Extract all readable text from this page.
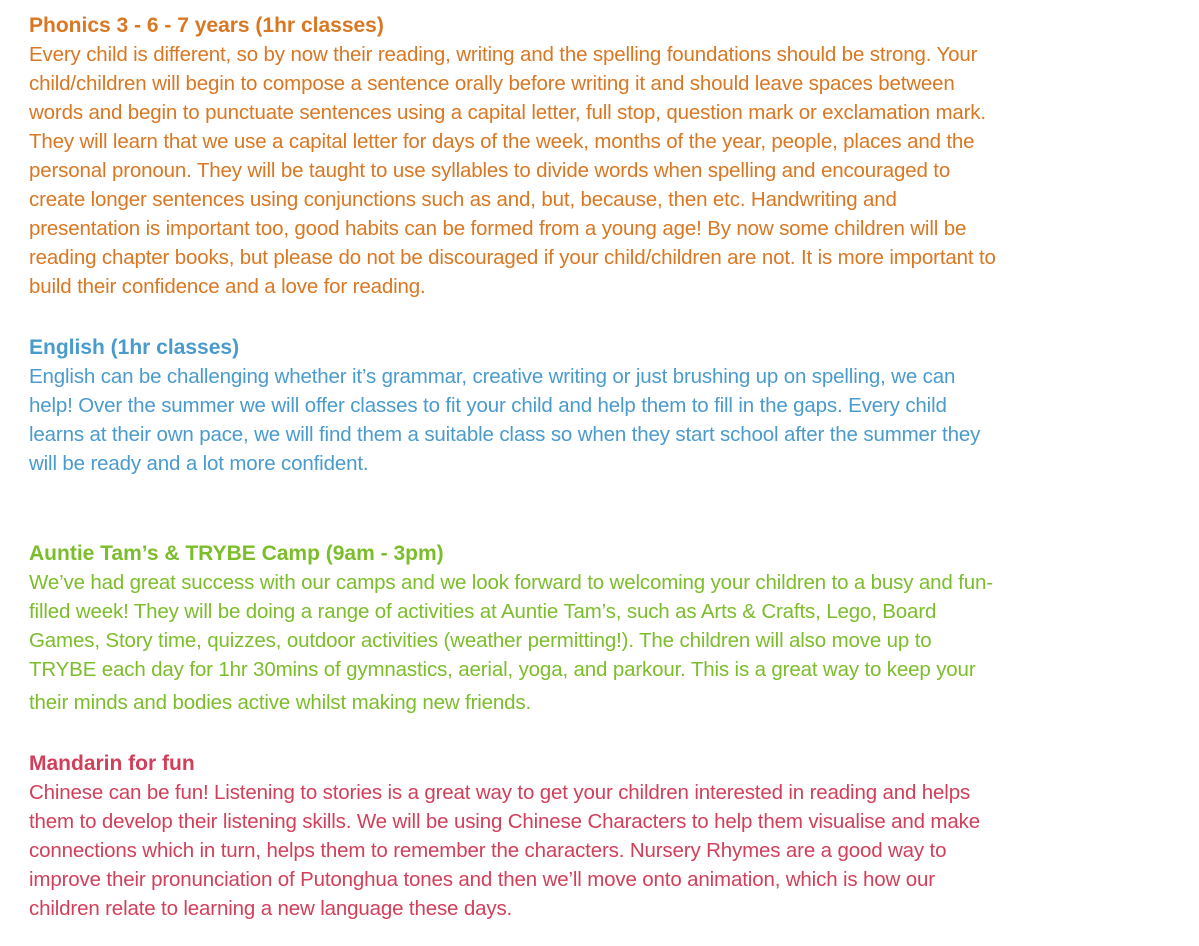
Phonics 3 - 6 - 7 years (1hr classes)

Every child is different, so by now their reading, writing and the spelling foundations should be strong. Your

child/children will begin to compose a sentence orally before writing it and should leave spaces between

words and begin to punctuate sentences using a capital letter, full stop, question mark or exclamation mark.

They will learn that we use a capital letter for days of the week, months of the year, people, places and the

personal pronoun. They will be taught to use syllables to divide words when spelling and encouraged to

create longer sentences using conjunctions such as and, but, because, then etc. Handwriting and

presentation is important too, good habits can be formed from a young age! By now some children will be

reading chapter books, but please do not be discouraged if your child/children are not. It is more important to

build their confidence and a love for reading.

English (1hr classes)

English can be challenging whether it’s grammar, creative writing or just brushing up on spelling, we can

help! Over the summer we will offer classes to fit your child and help them to fill in the gaps. Every child

learns at their own pace, we will find them a suitable class so when they start school after the summer they

will be ready and a lot more confident.

Auntie Tam’s & TRYBE Camp (9am - 3pm)

We’ve had great success with our camps and we look forward to welcoming your children to a busy and fun-

filled week! They will be doing a range of activities at Auntie Tam’s, such as Arts & Crafts, Lego, Board

Games, Story time, quizzes, outdoor activities (weather permitting!). The children will also move up to

TRYBE each day for 1hr 30mins of gymnastics, aerial, yoga, and parkour. This is a great way to keep your

their minds and bodies active whilst making new friends.

Mandarin for fun

Chinese can be fun! Listening to stories is a great way to get your children interested in reading and helps

them to develop their listening skills. We will be using Chinese Characters to help them visualise and make

connections which in turn, helps them to remember the characters. Nursery Rhymes are a good way to

improve their pronunciation of Putonghua tones and then we’ll move onto animation, which is how our

children relate to learning a new language these days.
